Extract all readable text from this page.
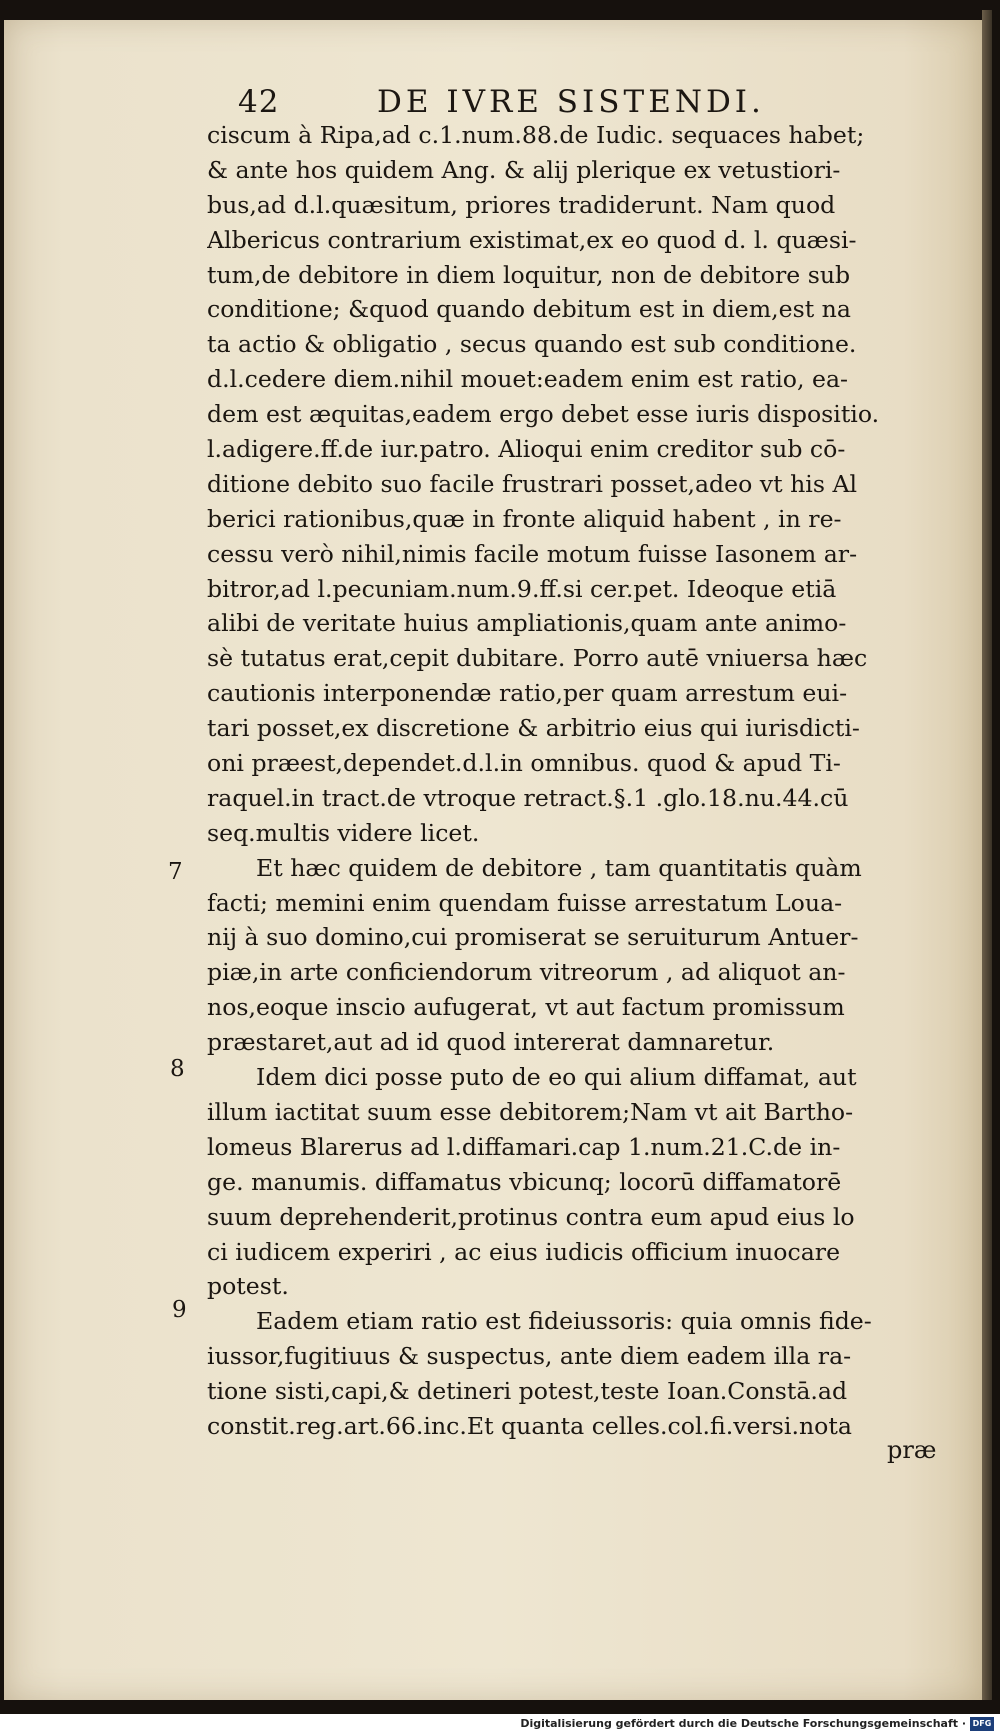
42	DE IVRE SISTENDI.
ciscum à Ripa,ad c.1.num.88.de Iudic. sequaces habet;
& ante hos quidem Ang. & alij plerique ex vetustiori-
bus,ad d.l.quæsitum, priores tradiderunt. Nam quod
Albericus contrarium existimat,ex eo quod d. l. quæsi-
tum,de debitore in diem loquitur, non de debitore sub
conditione; &quod quando debitum est in diem,est na
ta actio & obligatio , secus quando est sub conditione.
d.l.cedere diem.nihil mouet:eadem enim est ratio, ea-
dem est æquitas,eadem ergo debet esse iuris dispositio.
l.adigere.ff.de iur.patro. Alioqui enim creditor sub cō-
ditione debito suo facile frustrari posset,adeo vt his Al
berici rationibus,quæ in fronte aliquid habent , in re-
cessu verò nihil,nimis facile motum fuisse Iasonem ar-
bitror,ad l.pecuniam.num.9.ff.si cer.pet. Ideoque etiā
alibi de veritate huius ampliationis,quam ante animo-
sè tutatus erat,cepit dubitare. Porro autē vniuersa hæc
cautionis interponendæ ratio,per quam arrestum eui-
tari posset,ex discretione & arbitrio eius qui iurisdicti-
oni præest,dependet.d.l.in omnibus. quod & apud Ti-
raquel.in tract.de vtroque retract.§.1 .glo.18.nu.44.cū
seq.multis videre licet.
Et hæc quidem de debitore , tam quantitatis quàm
facti; memini enim quendam fuisse arrestatum Loua-
nij à suo domino,cui promiserat se seruiturum Antuer-
piæ,in arte conficiendorum vitreorum , ad aliquot an-
nos,eoque inscio aufugerat, vt aut factum promissum
præstaret,aut ad id quod intererat damnaretur.
Idem dici posse puto de eo qui alium diffamat, aut
illum iactitat suum esse debitorem;Nam vt ait Bartho-
lomeus Blarerus ad l.diffamari.cap 1.num.21.C.de in-
ge. manumis. diffamatus vbicunq; locorū diffamatorē
suum deprehenderit,protinus contra eum apud eius lo
ci iudicem experiri , ac eius iudicis officium inuocare
potest.
Eadem etiam ratio est fideiussoris: quia omnis fide-
iussor,fugitiuus & suspectus, ante diem eadem illa ra-
tione sisti,capi,& detineri potest,teste Ioan.Constā.ad
constit.reg.art.66.inc.Et quanta celles.col.fi.versi.nota
7
8
9
præ
Digitalisierung gefördert durch die Deutsche Forschungsgemeinschaft · DFG
